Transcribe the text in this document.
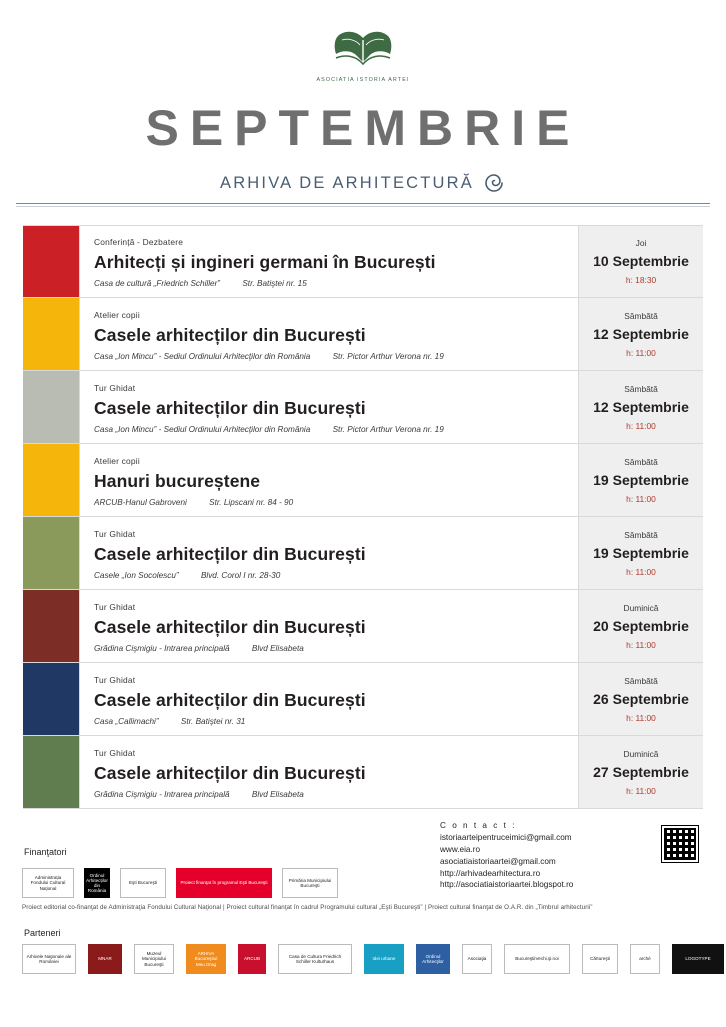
ASOCIATIA ISTORIA ARTEI
SEPTEMBRIE
ARHIVA DE ARHITECTURĂ
Conferință - Dezbatere
Arhitecți și ingineri germani în București
Casa de cultură „Friedrich Schiller”	Str. Batiştei nr. 15
Joi
10 Septembrie
h: 18:30
Atelier copii
Casele arhitecților din București
Casa „Ion Mincu” - Sediul Ordinului Arhitecţilor din România	Str. Pictor Arthur Verona nr. 19
Sâmbătă
12 Septembrie
h: 11:00
Tur Ghidat
Casele arhitecților din București
Casa „Ion Mincu” - Sediul Ordinului Arhitecţilor din România	Str. Pictor Arthur Verona nr. 19
Sâmbătă
12 Septembrie
h: 11:00
Atelier copii
Hanuri bucureștene
ARCUB-Hanul Gabroveni	Str. Lipscani nr. 84 - 90
Sâmbătă
19 Septembrie
h: 11:00
Tur Ghidat
Casele arhitecților din București
Casele „Ion Socolescu”	Blvd. Corol I nr. 28-30
Sâmbătă
19 Septembrie
h: 11:00
Tur Ghidat
Casele arhitecților din București
Grădina Cişmigiu - Intrarea principală	Blvd Elisabeta
Duminică
20 Septembrie
h: 11:00
Tur Ghidat
Casele arhitecților din București
Casa „Callimachi”	Str. Batiştei nr. 31
Sâmbătă
26 Septembrie
h: 11:00
Tur Ghidat
Casele arhitecților din București
Grădina Cişmigiu - Intrarea principală	Blvd Elisabeta
Duminică
27 Septembrie
h: 11:00
C o n t a c t :
istoriaarteipentruceimici@gmail.com
www.eia.ro
asociatiaistoriaartei@gmail.com
http://arhivadearhitectura.ro
http://asociatiaistoriaartei.blogspot.ro
Finanţatori
Administrația Fondului Cultural Național
Ordinul Arhitecților din România
Eşti Bucureşti	Proiect finanţat în programul Eşti Bucureşti
Primăria Municipiului Bucureşti
Proiect editorial co-finanţat de Administraţia Fondului Cultural Naţional | Proiect cultural finanţat în cadrul Programului cultural „Eşti Bucureşti” | Proiect cultural finanţat de O.A.R. din „Timbrul arhitecturii”
Parteneri
Arhivele Naţionale ale României
MNAR
Muzeul Municipiului Bucureşti
ARHIVA Bucureştiul Meu Drag
ARCUB
Casa de Cultura Friedrich Schiller Kulturhaus
Idei urbane
Ordinul Arhitecţilor
Asociaţia	BucureştiiVechi.şi.noi	Cărtureşti	arché	LOGOTYPE
